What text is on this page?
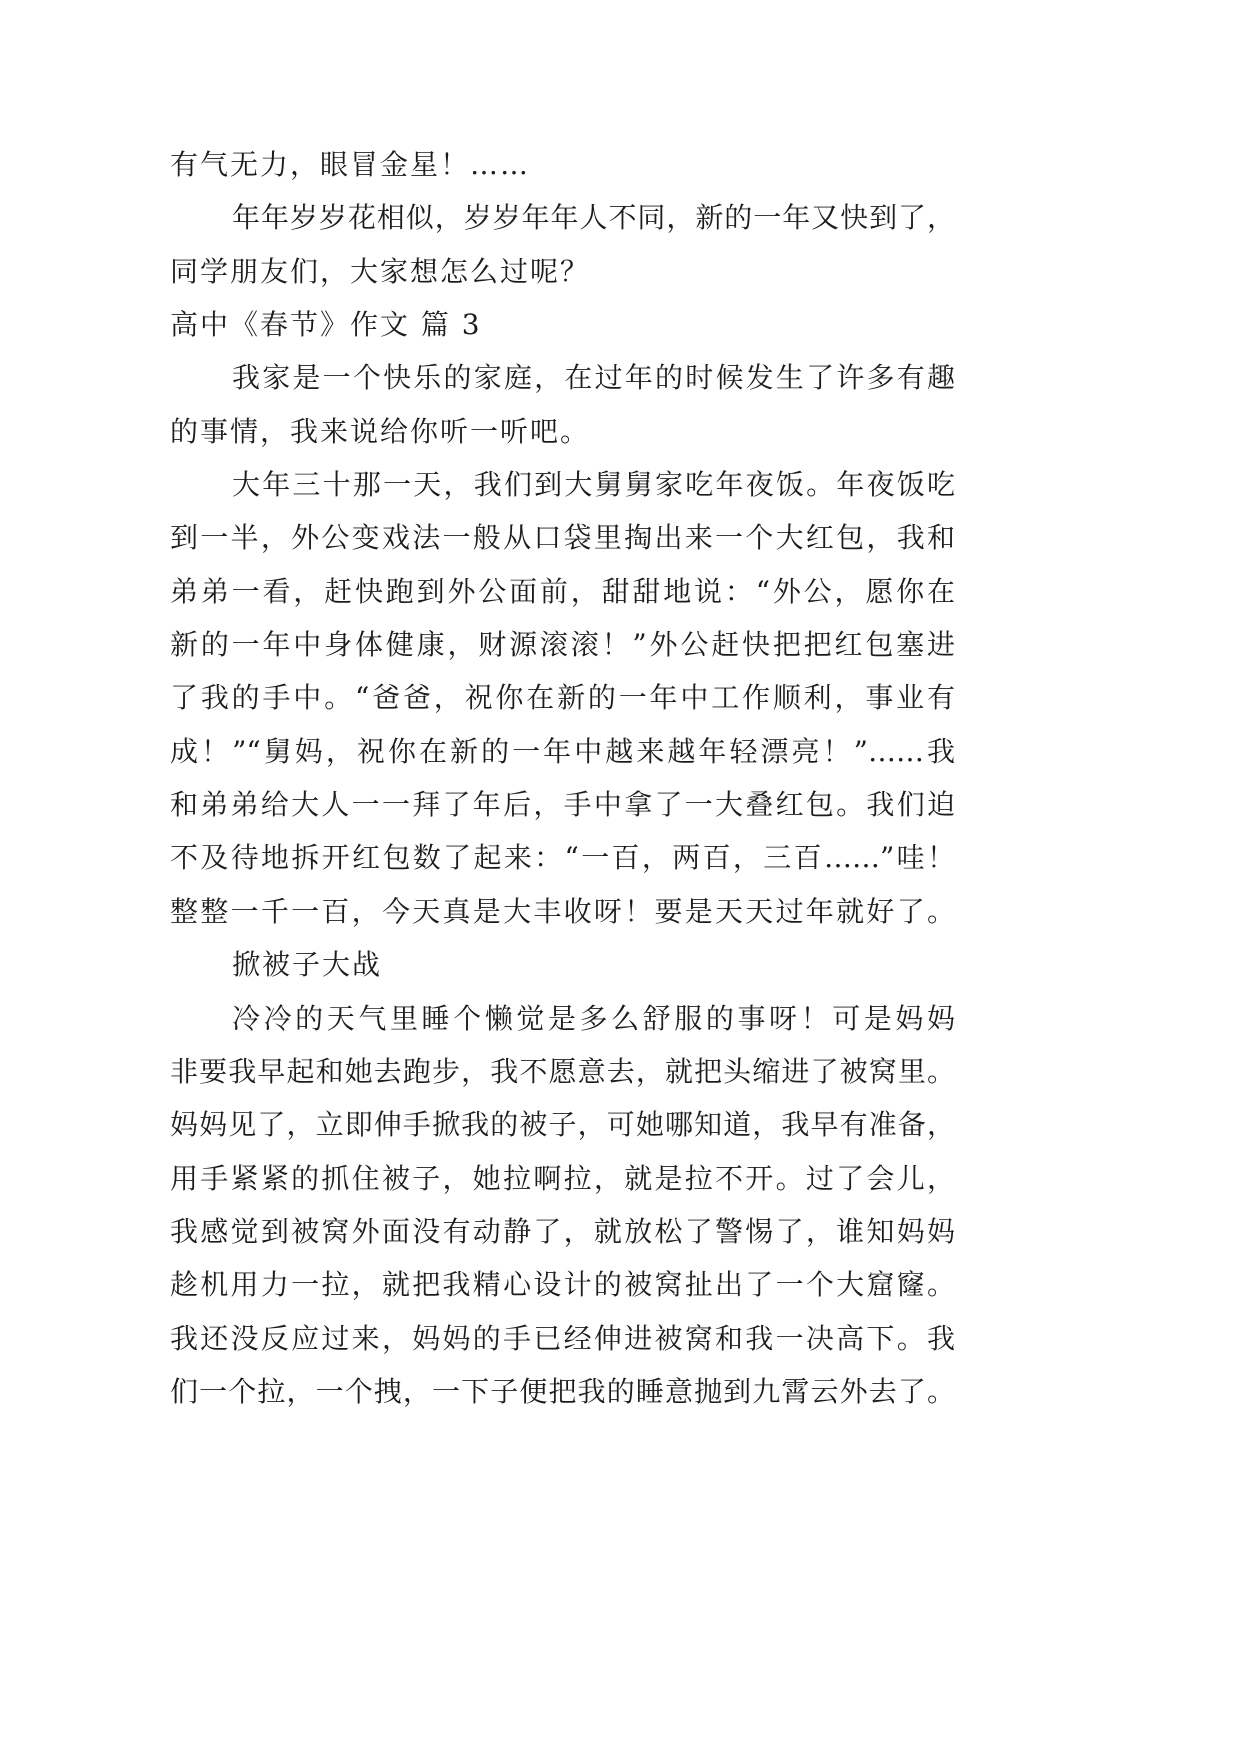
有气无力，眼冒金星！……
年年岁岁花相似，岁岁年年人不同，新的一年又快到了，
同学朋友们，大家想怎么过呢？
高中《春节》作文 篇 3
我家是一个快乐的家庭，在过年的时候发生了许多有趣
的事情，我来说给你听一听吧。
大年三十那一天，我们到大舅舅家吃年夜饭。年夜饭吃
到一半，外公变戏法一般从口袋里掏出来一个大红包，我和
弟弟一看，赶快跑到外公面前，甜甜地说：“外公，愿你在
新的一年中身体健康，财源滚滚！”外公赶快把把红包塞进
了我的手中。“爸爸，祝你在新的一年中工作顺利，事业有
成！”“舅妈，祝你在新的一年中越来越年轻漂亮！”……我
和弟弟给大人一一拜了年后，手中拿了一大叠红包。我们迫
不及待地拆开红包数了起来：“一百，两百，三百……”哇！
整整一千一百，今天真是大丰收呀！要是天天过年就好了。
掀被子大战
冷冷的天气里睡个懒觉是多么舒服的事呀！可是妈妈
非要我早起和她去跑步，我不愿意去，就把头缩进了被窝里。
妈妈见了，立即伸手掀我的被子，可她哪知道，我早有准备，
用手紧紧的抓住被子，她拉啊拉，就是拉不开。过了会儿，
我感觉到被窝外面没有动静了，就放松了警惕了，谁知妈妈
趁机用力一拉，就把我精心设计的被窝扯出了一个大窟窿。
我还没反应过来，妈妈的手已经伸进被窝和我一决高下。我
们一个拉，一个拽，一下子便把我的睡意抛到九霄云外去了。
